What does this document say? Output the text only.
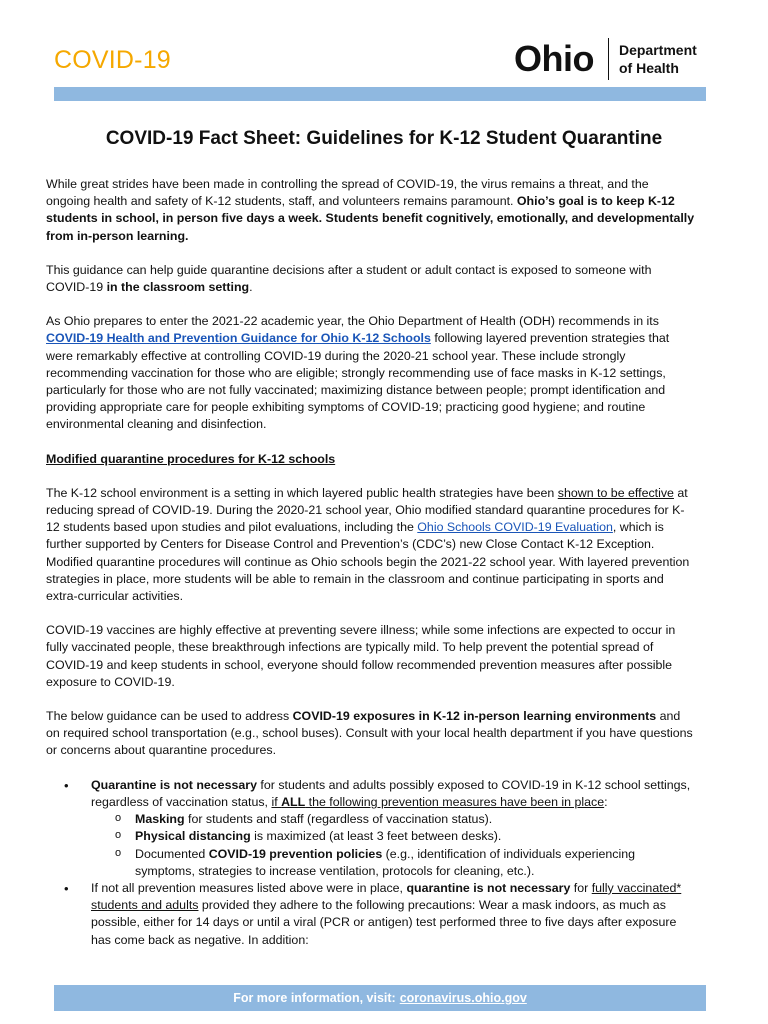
COVID-19	Ohio Department
of Health
COVID-19 Fact Sheet: Guidelines for K-12 Student Quarantine

While great strides have been made in controlling the spread of COVID-19, the virus remains a threat, and the ongoing health and safety of K-12 students, staff, and volunteers remains paramount. Ohio’s goal is to keep K-12 students in school, in person five days a week. Students benefit cognitively, emotionally, and developmentally from in-person learning.

This guidance can help guide quarantine decisions after a student or adult contact is exposed to someone with COVID-19 in the classroom setting.

As Ohio prepares to enter the 2021-22 academic year, the Ohio Department of Health (ODH) recommends in its COVID-19 Health and Prevention Guidance for Ohio K-12 Schools following layered prevention strategies that were remarkably effective at controlling COVID-19 during the 2020-21 school year. These include strongly recommending vaccination for those who are eligible; strongly recommending use of face masks in K-12 settings, particularly for those who are not fully vaccinated; maximizing distance between people; prompt identification and providing appropriate care for people exhibiting symptoms of COVID-19; practicing good hygiene; and routine environmental cleaning and disinfection.

Modified quarantine procedures for K-12 schools

The K-12 school environment is a setting in which layered public health strategies have been shown to be effective at reducing spread of COVID-19. During the 2020-21 school year, Ohio modified standard quarantine procedures for K-12 students based upon studies and pilot evaluations, including the Ohio Schools COVID-19 Evaluation, which is further supported by Centers for Disease Control and Prevention’s (CDC’s) new Close Contact K-12 Exception. Modified quarantine procedures will continue as Ohio schools begin the 2021-22 school year. With layered prevention strategies in place, more students will be able to remain in the classroom and continue participating in sports and extra-curricular activities.

COVID-19 vaccines are highly effective at preventing severe illness; while some infections are expected to occur in fully vaccinated people, these breakthrough infections are typically mild. To help prevent the potential spread of COVID-19 and keep students in school, everyone should follow recommended prevention measures after possible exposure to COVID-19.

The below guidance can be used to address COVID-19 exposures in K-12 in-person learning environments and on required school transportation (e.g., school buses). Consult with your local health department if you have questions or concerns about quarantine procedures.

• Quarantine is not necessary for students and adults possibly exposed to COVID-19 in K-12 school settings, regardless of vaccination status, if ALL the following prevention measures have been in place:
o Masking for students and staff (regardless of vaccination status).
o Physical distancing is maximized (at least 3 feet between desks).
o Documented COVID-19 prevention policies (e.g., identification of individuals experiencing symptoms, strategies to increase ventilation, protocols for cleaning, etc.).
• If not all prevention measures listed above were in place, quarantine is not necessary for fully vaccinated* students and adults provided they adhere to the following precautions: Wear a mask indoors, as much as possible, either for 14 days or until a viral (PCR or antigen) test performed three to five days after exposure has come back as negative. In addition:
For more information, visit: coronavirus.ohio.gov
